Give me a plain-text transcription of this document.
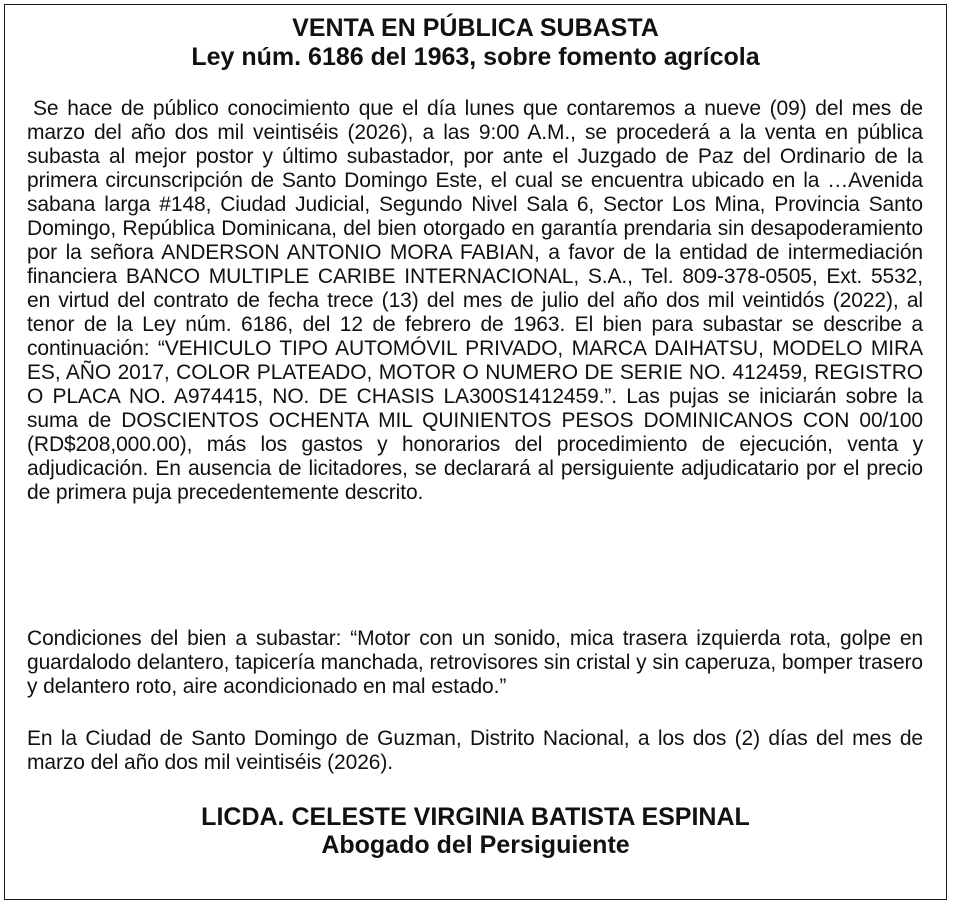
VENTA EN PÚBLICA SUBASTA
Ley núm. 6186 del 1963, sobre fomento agrícola

Se hace de público conocimiento que el día lunes que contaremos a nueve (09) del mes de marzo del año dos mil veintiséis (2026), a las 9:00 A.M., se procederá a la venta en pública subasta al mejor postor y último subastador, por ante el Juzgado de Paz del Ordinario de la primera circunscripción de Santo Domingo Este, el cual se encuentra ubicado en la …Avenida sabana larga #148, Ciudad Judicial, Segundo Nivel Sala 6, Sector Los Mina, Provincia Santo Domingo, República Dominicana, del bien otorgado en garantía prendaria sin desapoderamiento por la señora ANDERSON ANTONIO MORA FABIAN, a favor de la entidad de intermediación financiera BANCO MULTIPLE CARIBE INTERNACIONAL, S.A., Tel. 809-378-0505, Ext. 5532, en virtud del contrato de fecha trece (13) del mes de julio del año dos mil veintidós (2022), al tenor de la Ley núm. 6186, del 12 de febrero de 1963. El bien para subastar se describe a continuación: “VEHICULO TIPO AUTOMÓVIL PRIVADO, MARCA DAIHATSU, MODELO MIRA ES, AÑO 2017, COLOR PLATEADO, MOTOR O NUMERO DE SERIE NO. 412459, REGISTRO O PLACA NO. A974415, NO. DE CHASIS LA300S1412459.”. Las pujas se iniciarán sobre la suma de DOSCIENTOS OCHENTA MIL QUINIENTOS PESOS DOMINICANOS CON 00/100 (RD$208,000.00), más los gastos y honorarios del procedimiento de ejecución, venta y adjudicación. En ausencia de licitadores, se declarará al persiguiente adjudicatario por el precio de primera puja precedentemente descrito.

Condiciones del bien a subastar: “Motor con un sonido, mica trasera izquierda rota, golpe en guardalodo delantero, tapicería manchada, retrovisores sin cristal y sin caperuza, bomper trasero y delantero roto, aire acondicionado en mal estado.”

En la Ciudad de Santo Domingo de Guzman, Distrito Nacional, a los dos (2) días del mes de marzo del año dos mil veintiséis (2026).

LICDA. CELESTE VIRGINIA BATISTA ESPINAL
Abogado del Persiguiente
